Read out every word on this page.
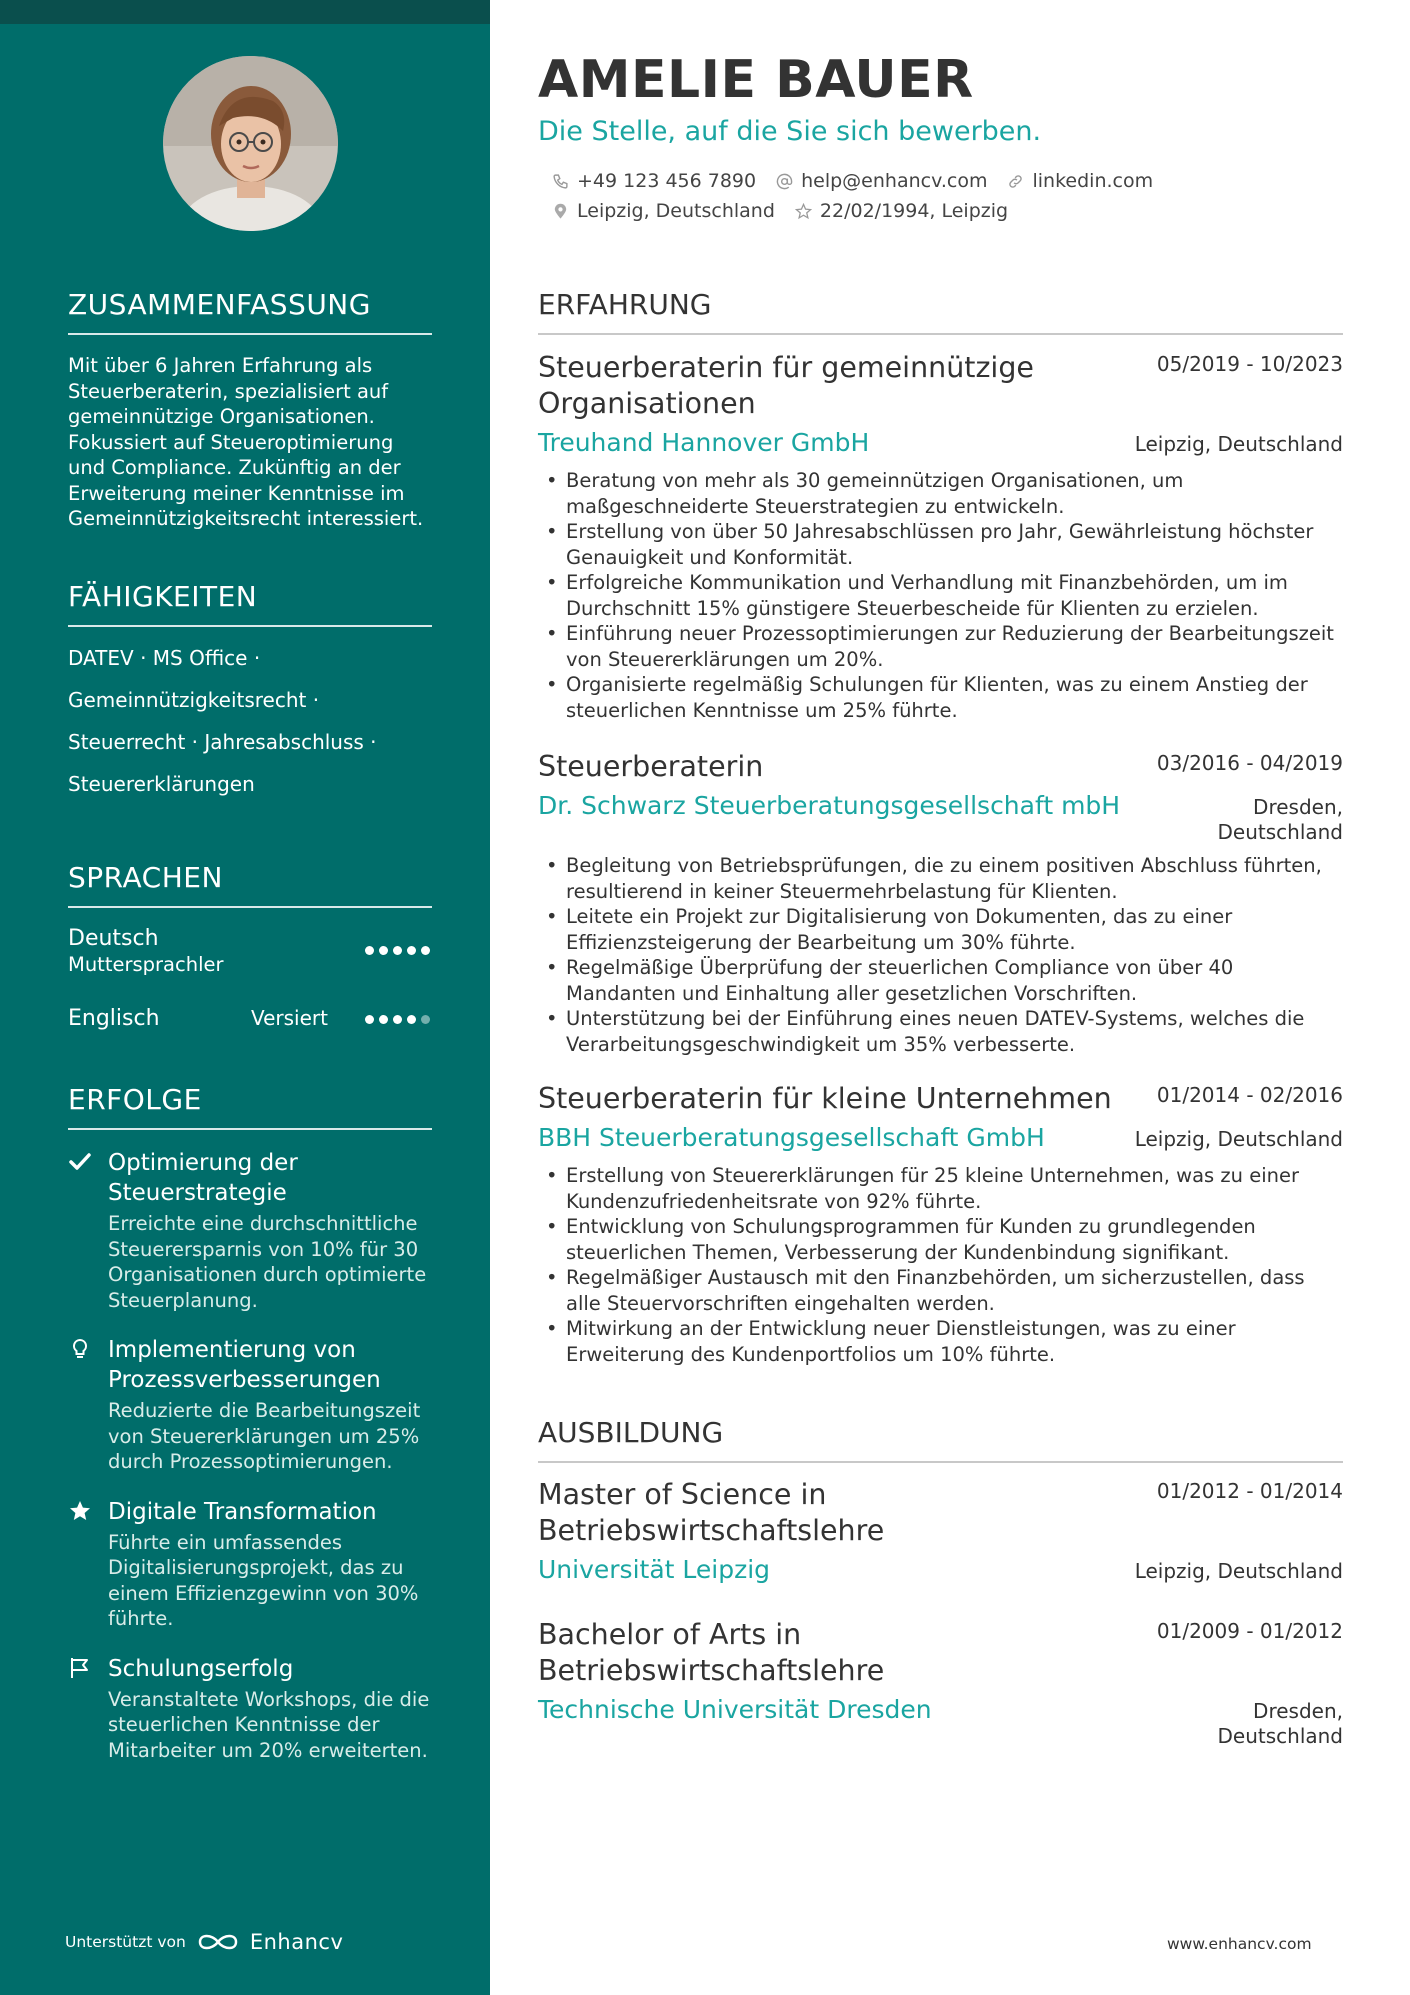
ZUSAMMENFASSUNG
Mit über 6 Jahren Erfahrung als Steuerberaterin, spezialisiert auf gemeinnützige Organisationen. Fokussiert auf Steueroptimierung und Compliance. Zukünftig an der Erweiterung meiner Kenntnisse im Gemeinnützigkeitsrecht interessiert.
FÄHIGKEITEN
DATEV · MS Office ·
Gemeinnützigkeitsrecht ·
Steuerrecht · Jahresabschluss ·
Steuererklärungen
SPRACHEN
Deutsch
Muttersprachler
Englisch	Versiert
ERFOLGE
Optimierung der Steuerstrategie
Erreichte eine durchschnittliche Steuerersparnis von 10% für 30 Organisationen durch optimierte Steuerplanung.
Implementierung von Prozessverbesserungen
Reduzierte die Bearbeitungszeit von Steuererklärungen um 25% durch Prozessoptimierungen.
Digitale Transformation
Führte ein umfassendes Digitalisierungsprojekt, das zu einem Effizienzgewinn von 30% führte.
Schulungserfolg
Veranstaltete Workshops, die die steuerlichen Kenntnisse der Mitarbeiter um 20% erweiterten.
Unterstützt von	Enhancv
AMELIE BAUER
Die Stelle, auf die Sie sich bewerben.
+49 123 456 7890 help@enhancv.com linkedin.com
Leipzig, Deutschland 22/02/1994, Leipzig
ERFAHRUNG
Steuerberaterin für gemeinnützige Organisationen
05/2019 - 10/2023
Treuhand Hannover GmbH	Leipzig, Deutschland
• Beratung von mehr als 30 gemeinnützigen Organisationen, um maßgeschneiderte Steuerstrategien zu entwickeln.
• Erstellung von über 50 Jahresabschlüssen pro Jahr, Gewährleistung höchster Genauigkeit und Konformität.
• Erfolgreiche Kommunikation und Verhandlung mit Finanzbehörden, um im Durchschnitt 15% günstigere Steuerbescheide für Klienten zu erzielen.
• Einführung neuer Prozessoptimierungen zur Reduzierung der Bearbeitungszeit von Steuererklärungen um 20%.
• Organisierte regelmäßig Schulungen für Klienten, was zu einem Anstieg der steuerlichen Kenntnisse um 25% führte.
Steuerberaterin	03/2016 - 04/2019
Dr. Schwarz Steuerberatungsgesellschaft mbH	Dresden,
Deutschland
• Begleitung von Betriebsprüfungen, die zu einem positiven Abschluss führten, resultierend in keiner Steuermehrbelastung für Klienten.
• Leitete ein Projekt zur Digitalisierung von Dokumenten, das zu einer Effizienzsteigerung der Bearbeitung um 30% führte.
• Regelmäßige Überprüfung der steuerlichen Compliance von über 40 Mandanten und Einhaltung aller gesetzlichen Vorschriften.
• Unterstützung bei der Einführung eines neuen DATEV-Systems, welches die Verarbeitungsgeschwindigkeit um 35% verbesserte.
Steuerberaterin für kleine Unternehmen	01/2014 - 02/2016
BBH Steuerberatungsgesellschaft GmbH	Leipzig, Deutschland
• Erstellung von Steuererklärungen für 25 kleine Unternehmen, was zu einer Kundenzufriedenheitsrate von 92% führte.
• Entwicklung von Schulungsprogrammen für Kunden zu grundlegenden steuerlichen Themen, Verbesserung der Kundenbindung signifikant.
• Regelmäßiger Austausch mit den Finanzbehörden, um sicherzustellen, dass alle Steuervorschriften eingehalten werden.
• Mitwirkung an der Entwicklung neuer Dienstleistungen, was zu einer Erweiterung des Kundenportfolios um 10% führte.
AUSBILDUNG
Master of Science in Betriebswirtschaftslehre
01/2012 - 01/2014
Universität Leipzig	Leipzig, Deutschland
Bachelor of Arts in Betriebswirtschaftslehre
01/2009 - 01/2012
Technische Universität Dresden	Dresden,
Deutschland
www.enhancv.com
